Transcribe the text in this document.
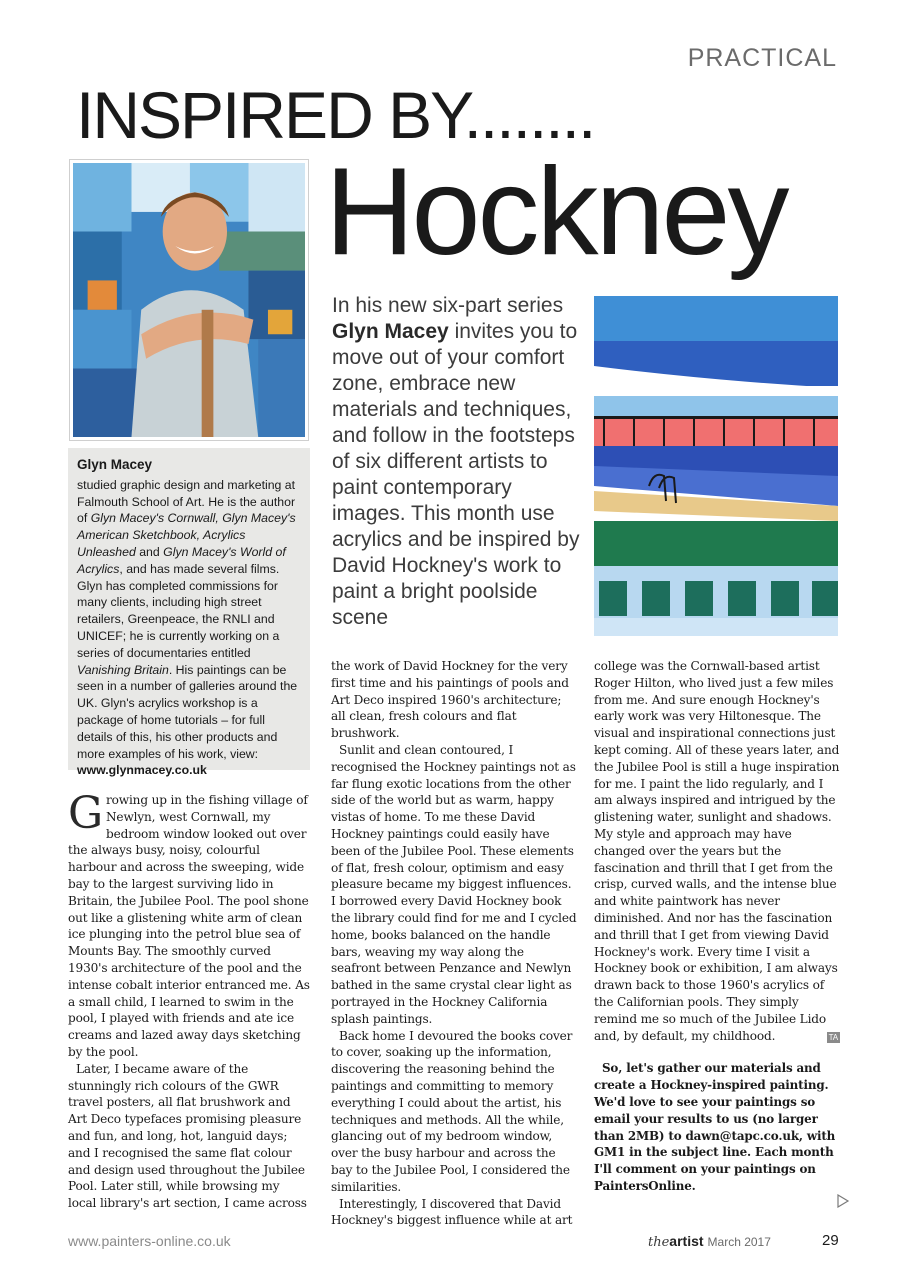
PRACTICAL
INSPIRED BY........
Hockney
Glyn Macey
studied graphic design and marketing at Falmouth School of Art. He is the author of Glyn Macey's Cornwall, Glyn Macey's American Sketchbook, Acrylics Unleashed and Glyn Macey's World of Acrylics, and has made several films. Glyn has completed commissions for many clients, including high street retailers, Greenpeace, the RNLI and UNICEF; he is currently working on a series of documentaries entitled Vanishing Britain. His paintings can be seen in a number of galleries around the UK. Glyn's acrylics workshop is a package of home tutorials – for full details of this, his other products and more examples of his work, view:
www.glynmacey.co.uk
In his new six-part series Glyn Macey invites you to move out of your comfort zone, embrace new materials and techniques, and follow in the footsteps of six different artists to paint contemporary images. This month use acrylics and be inspired by David Hockney's work to paint a bright poolside scene

Growing up in the fishing village of Newlyn, west Cornwall, my bedroom window looked out over the always busy, noisy, colourful harbour and across the sweeping, wide bay to the largest surviving lido in Britain, the Jubilee Pool. The pool shone out like a glistening white arm of clean ice plunging into the petrol blue sea of Mounts Bay. The smoothly curved 1930's architecture of the pool and the intense cobalt interior entranced me. As a small child, I learned to swim in the pool, I played with friends and ate ice creams and lazed away days sketching by the pool.

Later, I became aware of the stunningly rich colours of the GWR travel posters, all flat brushwork and Art Deco typefaces promising pleasure and fun, and long, hot, languid days; and I recognised the same flat colour and design used throughout the Jubilee Pool. Later still, while browsing my local library's art section, I came across

the work of David Hockney for the very first time and his paintings of pools and Art Deco inspired 1960's architecture; all clean, fresh colours and flat brushwork.

Sunlit and clean contoured, I recognised the Hockney paintings not as far flung exotic locations from the other side of the world but as warm, happy vistas of home. To me these David Hockney paintings could easily have been of the Jubilee Pool. These elements of flat, fresh colour, optimism and easy pleasure became my biggest influences. I borrowed every David Hockney book the library could find for me and I cycled home, books balanced on the handle bars, weaving my way along the seafront between Penzance and Newlyn bathed in the same crystal clear light as portrayed in the Hockney California splash paintings.

Back home I devoured the books cover to cover, soaking up the information, discovering the reasoning behind the paintings and committing to memory everything I could about the artist, his techniques and methods. All the while, glancing out of my bedroom window, over the busy harbour and across the bay to the Jubilee Pool, I considered the similarities.

Interestingly, I discovered that David Hockney's biggest influence while at art

college was the Cornwall-based artist Roger Hilton, who lived just a few miles from me. And sure enough Hockney's early work was very Hiltonesque. The visual and inspirational connections just kept coming. All of these years later, and the Jubilee Pool is still a huge inspiration for me. I paint the lido regularly, and I am always inspired and intrigued by the glistening water, sunlight and shadows. My style and approach may have changed over the years but the fascination and thrill that I get from the crisp, curved walls, and the intense blue and white paintwork has never diminished. And nor has the fascination and thrill that I get from viewing David Hockney's work. Every time I visit a Hockney book or exhibition, I am always drawn back to those 1960's acrylics of the Californian pools. They simply remind me so much of the Jubilee Lido and, by default, my childhood.	TA

So, let's gather our materials and create a Hockney-inspired painting. We'd love to see your paintings so email your results to us (no larger than 2MB) to dawn@tapc.co.uk, with GM1 in the subject line. Each month I'll comment on your paintings on PaintersOnline.

www.painters-online.co.uk	theartist March 2017	29
